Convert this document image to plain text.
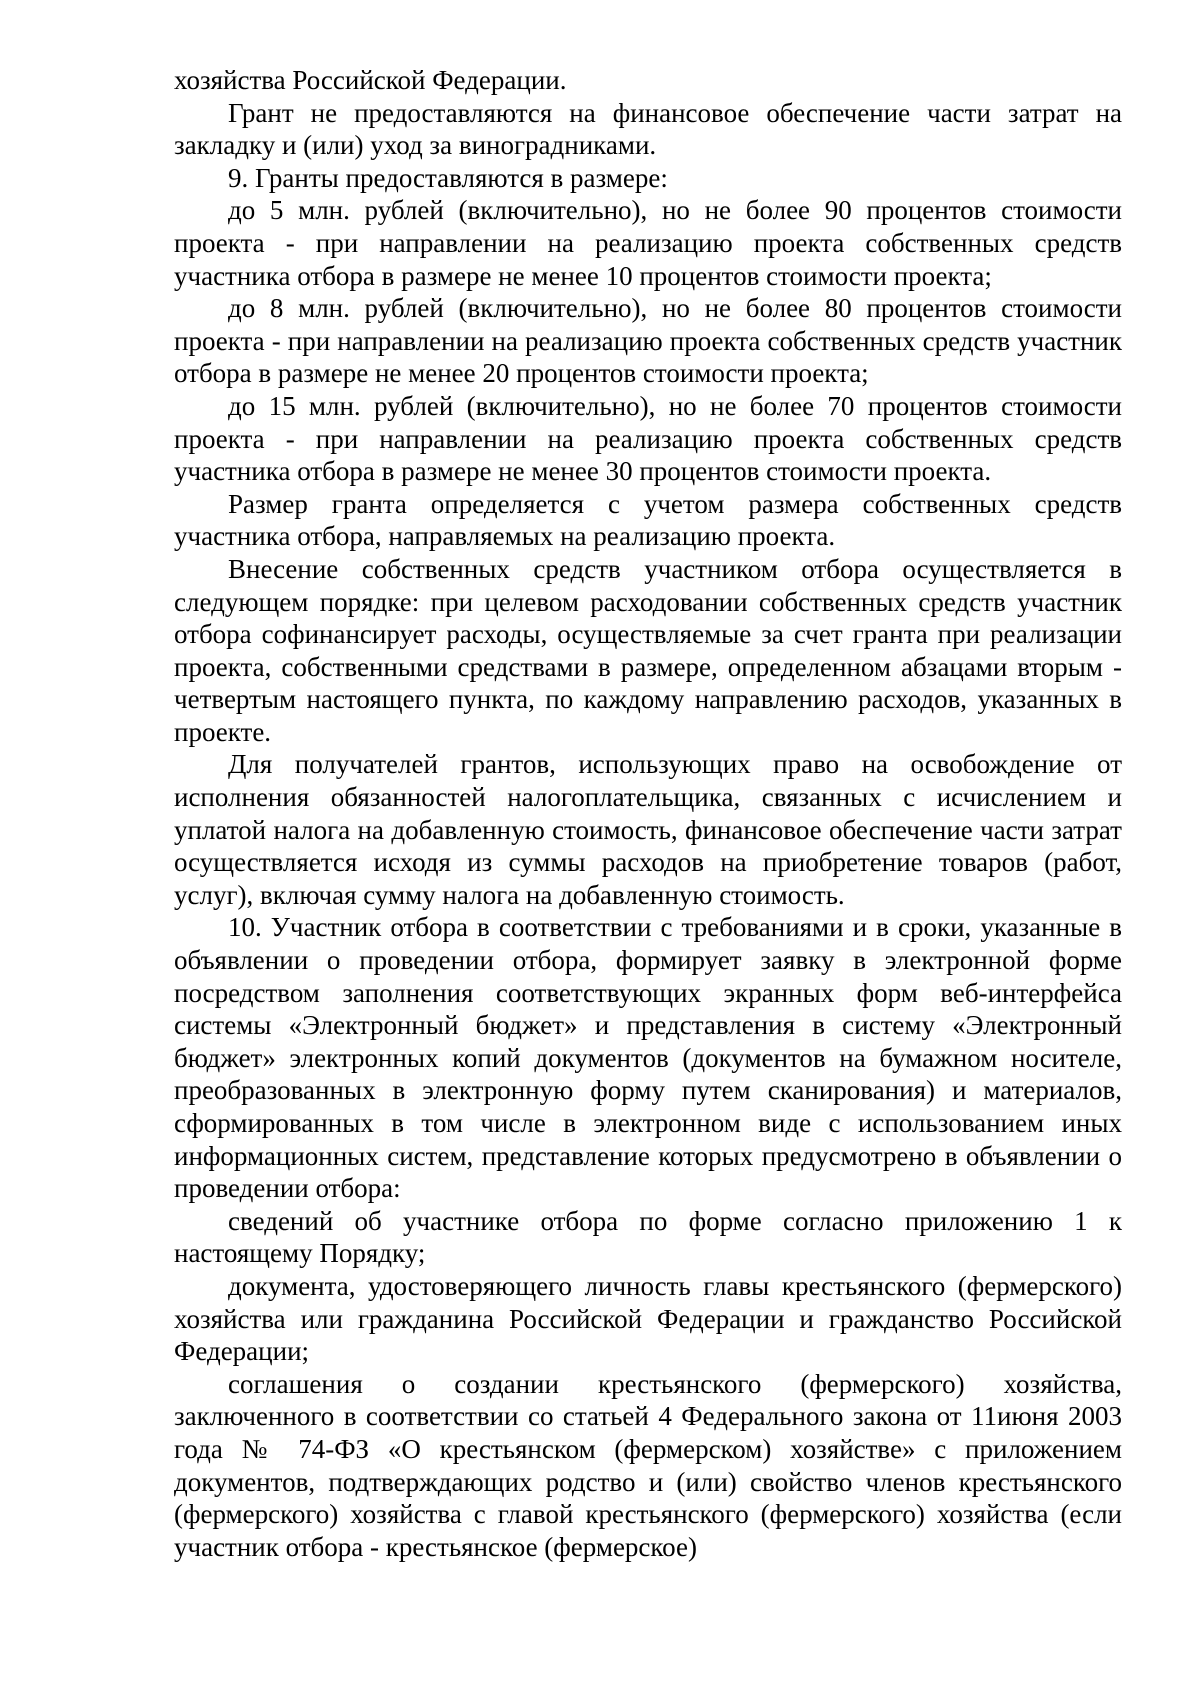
хозяйства Российской Федерации.

Грант не предоставляются на финансовое обеспечение части затрат на закладку и (или) уход за виноградниками.

9. Гранты предоставляются в размере:

до 5 млн. рублей (включительно), но не более 90 процентов стоимости проекта - при направлении на реализацию проекта собственных средств участника отбора в размере не менее 10 процентов стоимости проекта;

до 8 млн. рублей (включительно), но не более 80 процентов стоимости проекта - при направлении на реализацию проекта собственных средств участник отбора в размере не менее 20 процентов стоимости проекта;

до 15 млн. рублей (включительно), но не более 70 процентов стоимости проекта - при направлении на реализацию проекта собственных средств участника отбора в размере не менее 30 процентов стоимости проекта.

Размер гранта определяется с учетом размера собственных средств участника отбора, направляемых на реализацию проекта.

Внесение собственных средств участником отбора осуществляется в следующем порядке: при целевом расходовании собственных средств участник отбора софинансирует расходы, осуществляемые за счет гранта при реализации проекта, собственными средствами в размере, определенном абзацами вторым - четвертым настоящего пункта, по каждому направлению расходов, указанных в проекте.

Для получателей грантов, использующих право на освобождение от исполнения обязанностей налогоплательщика, связанных с исчислением и уплатой налога на добавленную стоимость, финансовое обеспечение части затрат осуществляется исходя из суммы расходов на приобретение товаров (работ, услуг), включая сумму налога на добавленную стоимость.

10. Участник отбора в соответствии с требованиями и в сроки, указанные в объявлении о проведении отбора, формирует заявку в электронной форме посредством заполнения соответствующих экранных форм веб-интерфейса системы «Электронный бюджет» и представления в систему «Электронный бюджет» электронных копий документов (документов на бумажном носителе, преобразованных в электронную форму путем сканирования) и материалов, сформированных в том числе в электронном виде с использованием иных информационных систем, представление которых предусмотрено в объявлении о проведении отбора:

сведений об участнике отбора по форме согласно приложению 1 к настоящему Порядку;

документа, удостоверяющего личность главы крестьянского (фермерского) хозяйства или гражданина Российской Федерации и гражданство Российской Федерации;

соглашения о создании крестьянского (фермерского) хозяйства, заключенного в соответствии со статьей 4 Федерального закона от 11июня 2003 года № 74-ФЗ «О крестьянском (фермерском) хозяйстве» с приложением документов, подтверждающих родство и (или) свойство членов крестьянского (фермерского) хозяйства с главой крестьянского (фермерского) хозяйства (если участник отбора - крестьянское (фермерское)
